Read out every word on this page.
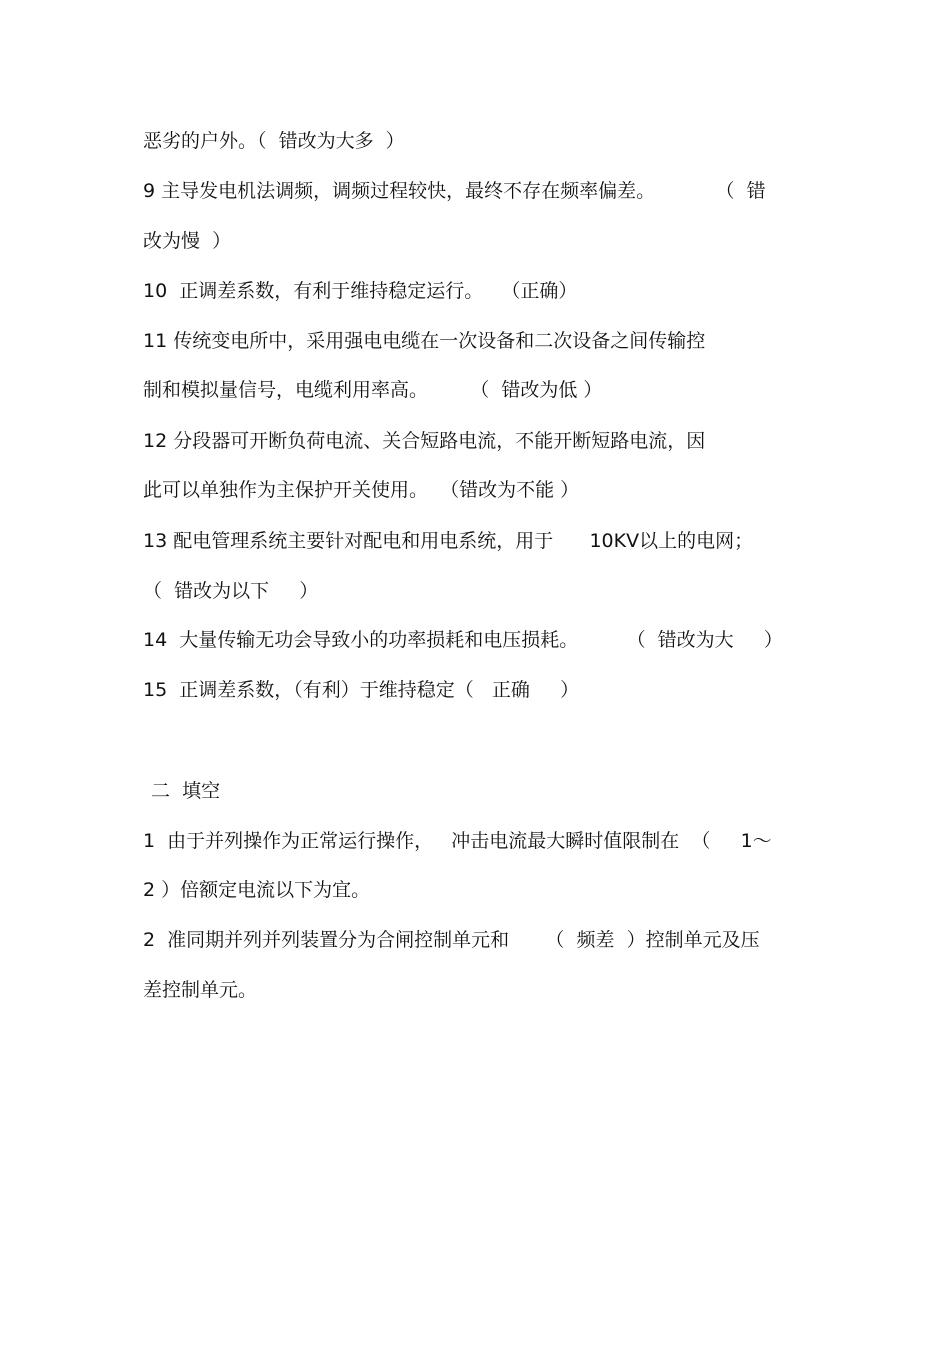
恶劣的户外。（  错改为大多  ）
9 主导发电机法调频，调频过程较快，最终不存在频率偏差。          （  错
改为慢  ）
10  正调差系数，有利于维持稳定运行。   （正确）
11 传统变电所中，采用强电电缆在一次设备和二次设备之间传输控
制和模拟量信号，电缆利用率高。       （  错改为低 ）
12 分段器可开断负荷电流、关合短路电流，不能开断短路电流，因
此可以单独作为主保护开关使用。  （错改为不能 ）
13 配电管理系统主要针对配电和用电系统，用于      10KV以上的电网；
（  错改为以下     ）
14  大量传输无功会导致小的功率损耗和电压损耗。        （  错改为大     ）
15  正调差系数，（有利）于维持稳定（   正确     ）
二  填空
1  由于并列操作为正常运行操作，   冲击电流最大瞬时值限制在  （     1～
2 ）倍额定电流以下为宜。
2  准同期并列并列装置分为合闸控制单元和      （  频差  ）控制单元及压
差控制单元。
